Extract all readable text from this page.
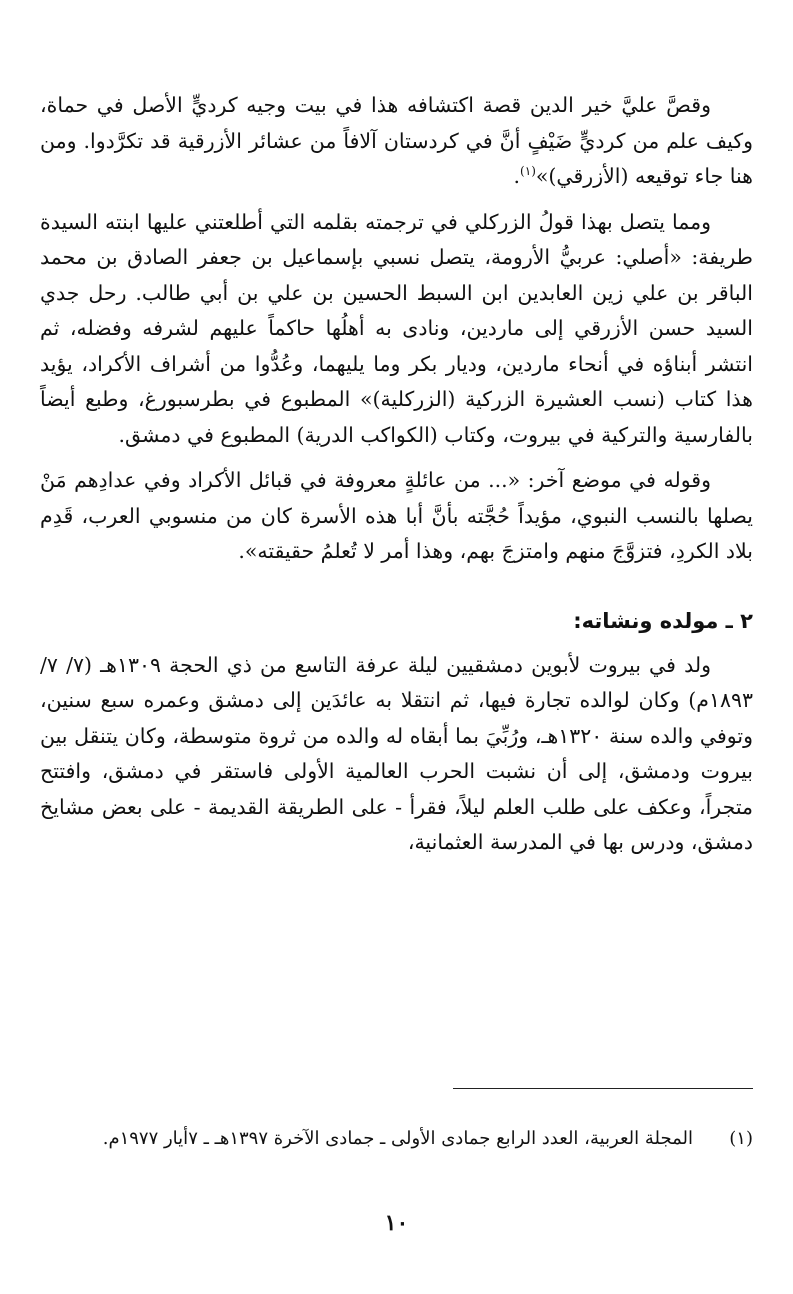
وقصَّ عليَّ خير الدين قصة اكتشافه هذا في بيت وجيه كرديٍّ الأصل في حماة، وكيف علم من كرديٍّ ضَيْفٍ أنَّ في كردستان آلافاً من عشائر الأزرقية قد تكرَّدوا. ومن هنا جاء توقيعه (الأزرقي)»$^{(١)}$.

ومما يتصل بهذا قولُ الزركلي في ترجمته بقلمه التي أطلعتني عليها ابنته السيدة طريفة: «أصلي: عربيُّ الأرومة، يتصل نسبي بإسماعيل بن جعفر الصادق بن محمد الباقر بن علي زين العابدين ابن السبط الحسين بن علي بن أبي طالب. رحل جدي السيد حسن الأزرقي إلى ماردين، ونادى به أهلُها حاكماً عليهم لشرفه وفضله، ثم انتشر أبناؤه في أنحاء ماردين، وديار بكر وما يليهما، وعُدُّوا من أشراف الأكراد، يؤيد هذا كتاب (نسب العشيرة الزركية (الزركلية)» المطبوع في بطرسبورغ، وطبع أيضاً بالفارسية والتركية في بيروت، وكتاب (الكواكب الدرية) المطبوع في دمشق.

وقوله في موضع آخر: «... من عائلةٍ معروفة في قبائل الأكراد وفي عدادِهم مَنْ يصلها بالنسب النبوي، مؤيداً حُجَّته بأنَّ أبا هذه الأسرة كان من منسوبي العرب، قَدِم بلاد الكردِ، فتزوَّجَ منهم وامتزجَ بهم، وهذا أمر لا تُعلمُ حقيقته».

٢ ـ مولده ونشاته:

ولد في بيروت لأبوين دمشقيين ليلة عرفة التاسع من ذي الحجة ١٣٠٩هـ (٧/ ٧/ ١٨٩٣م) وكان لوالده تجارة فيها، ثم انتقلا به عائدَين إلى دمشق وعمره سبع سنين، وتوفي والده سنة ١٣٢٠هـ، ورُبِّيَ بما أبقاه له والده من ثروة متوسطة، وكان يتنقل بين بيروت ودمشق، إلى أن نشبت الحرب العالمية الأولى فاستقر في دمشق، وافتتح متجراً، وعكف على طلب العلم ليلاً، فقرأ - على الطريقة القديمة - على بعض مشايخ دمشق، ودرس بها في المدرسة العثمانية،

(١)
المجلة العربية، العدد الرابع جمادى الأولى ـ جمادى الآخرة ١٣٩٧هـ ـ ٧أيار ١٩٧٧م.
١٠
